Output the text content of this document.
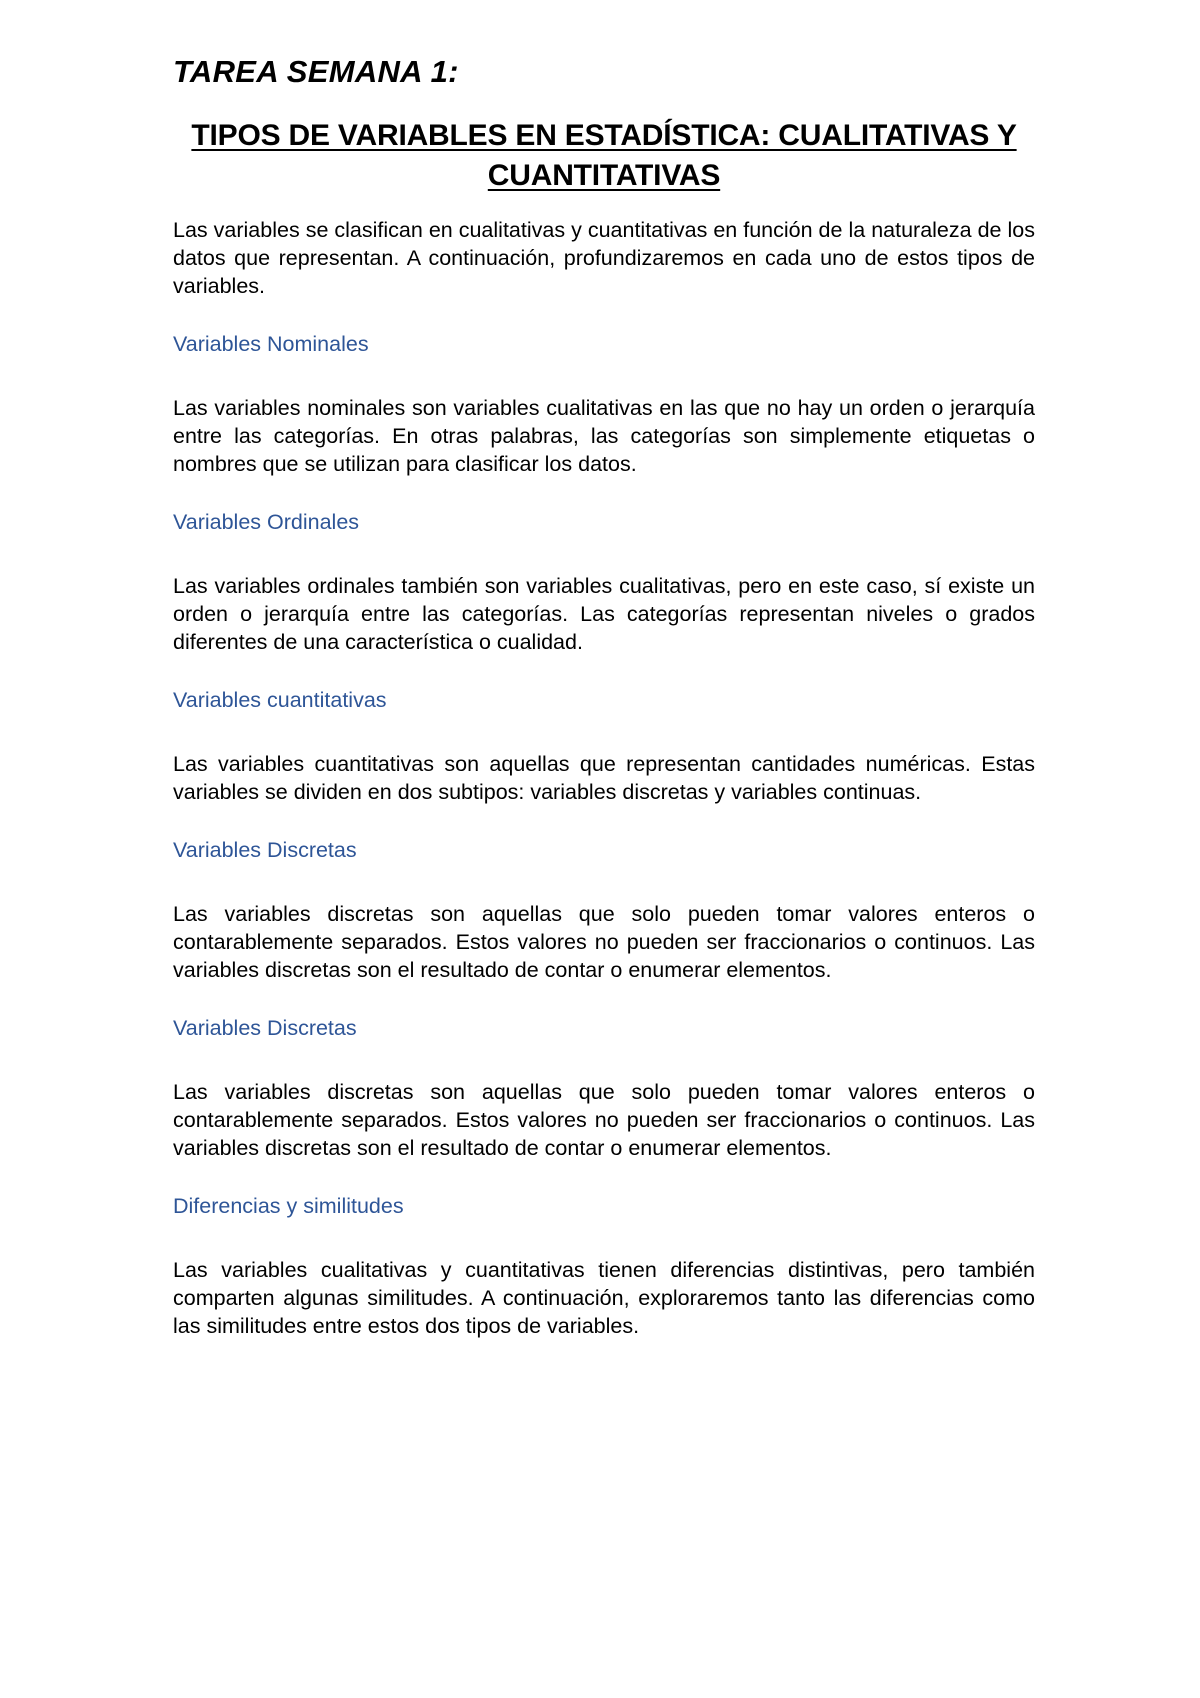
TAREA SEMANA 1:
TIPOS DE VARIABLES EN ESTADÍSTICA: CUALITATIVAS Y
CUANTITATIVAS

Las variables se clasifican en cualitativas y cuantitativas en función de la naturaleza de los datos que representan. A continuación, profundizaremos en cada uno de estos tipos de variables.

Variables Nominales

Las variables nominales son variables cualitativas en las que no hay un orden o jerarquía entre las categorías. En otras palabras, las categorías son simplemente etiquetas o nombres que se utilizan para clasificar los datos.

Variables Ordinales

Las variables ordinales también son variables cualitativas, pero en este caso, sí existe un orden o jerarquía entre las categorías. Las categorías representan niveles o grados diferentes de una característica o cualidad.

Variables cuantitativas

Las variables cuantitativas son aquellas que representan cantidades numéricas. Estas variables se dividen en dos subtipos: variables discretas y variables continuas.

Variables Discretas

Las variables discretas son aquellas que solo pueden tomar valores enteros o contarablemente separados. Estos valores no pueden ser fraccionarios o continuos. Las variables discretas son el resultado de contar o enumerar elementos.

Variables Discretas

Las variables discretas son aquellas que solo pueden tomar valores enteros o contarablemente separados. Estos valores no pueden ser fraccionarios o continuos. Las variables discretas son el resultado de contar o enumerar elementos.

Diferencias y similitudes

Las variables cualitativas y cuantitativas tienen diferencias distintivas, pero también comparten algunas similitudes. A continuación, exploraremos tanto las diferencias como las similitudes entre estos dos tipos de variables.
